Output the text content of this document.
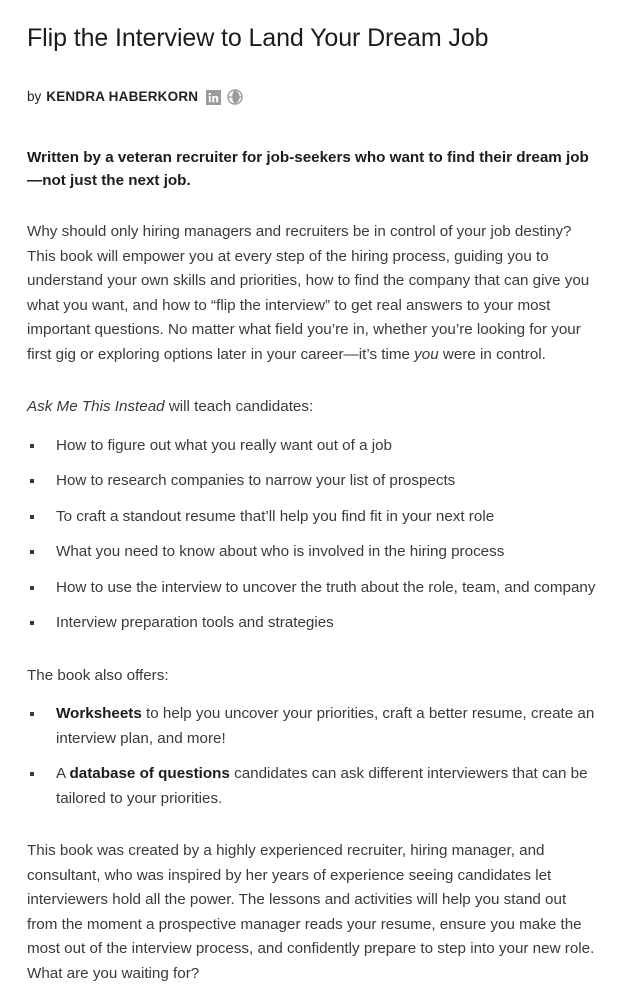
Flip the Interview to Land Your Dream Job
by KENDRA HABERKORN

Written by a veteran recruiter for job-seekers who want to find their dream job—not just the next job.

Why should only hiring managers and recruiters be in control of your job destiny? This book will empower you at every step of the hiring process, guiding you to understand your own skills and priorities, how to find the company that can give you what you want, and how to “flip the interview” to get real answers to your most important questions. No matter what field you’re in, whether you’re looking for your first gig or exploring options later in your career—it’s time you were in control.

Ask Me This Instead will teach candidates:

How to figure out what you really want out of a job
How to research companies to narrow your list of prospects
To craft a standout resume that’ll help you find fit in your next role
What you need to know about who is involved in the hiring process
How to use the interview to uncover the truth about the role, team, and company
Interview preparation tools and strategies

The book also offers:

Worksheets to help you uncover your priorities, craft a better resume, create an interview plan, and more!
A database of questions candidates can ask different interviewers that can be tailored to your priorities.

This book was created by a highly experienced recruiter, hiring manager, and consultant, who was inspired by her years of experience seeing candidates let interviewers hold all the power. The lessons and activities will help you stand out from the moment a prospective manager reads your resume, ensure you make the most out of the interview process, and confidently prepare to step into your new role. What are you waiting for?
